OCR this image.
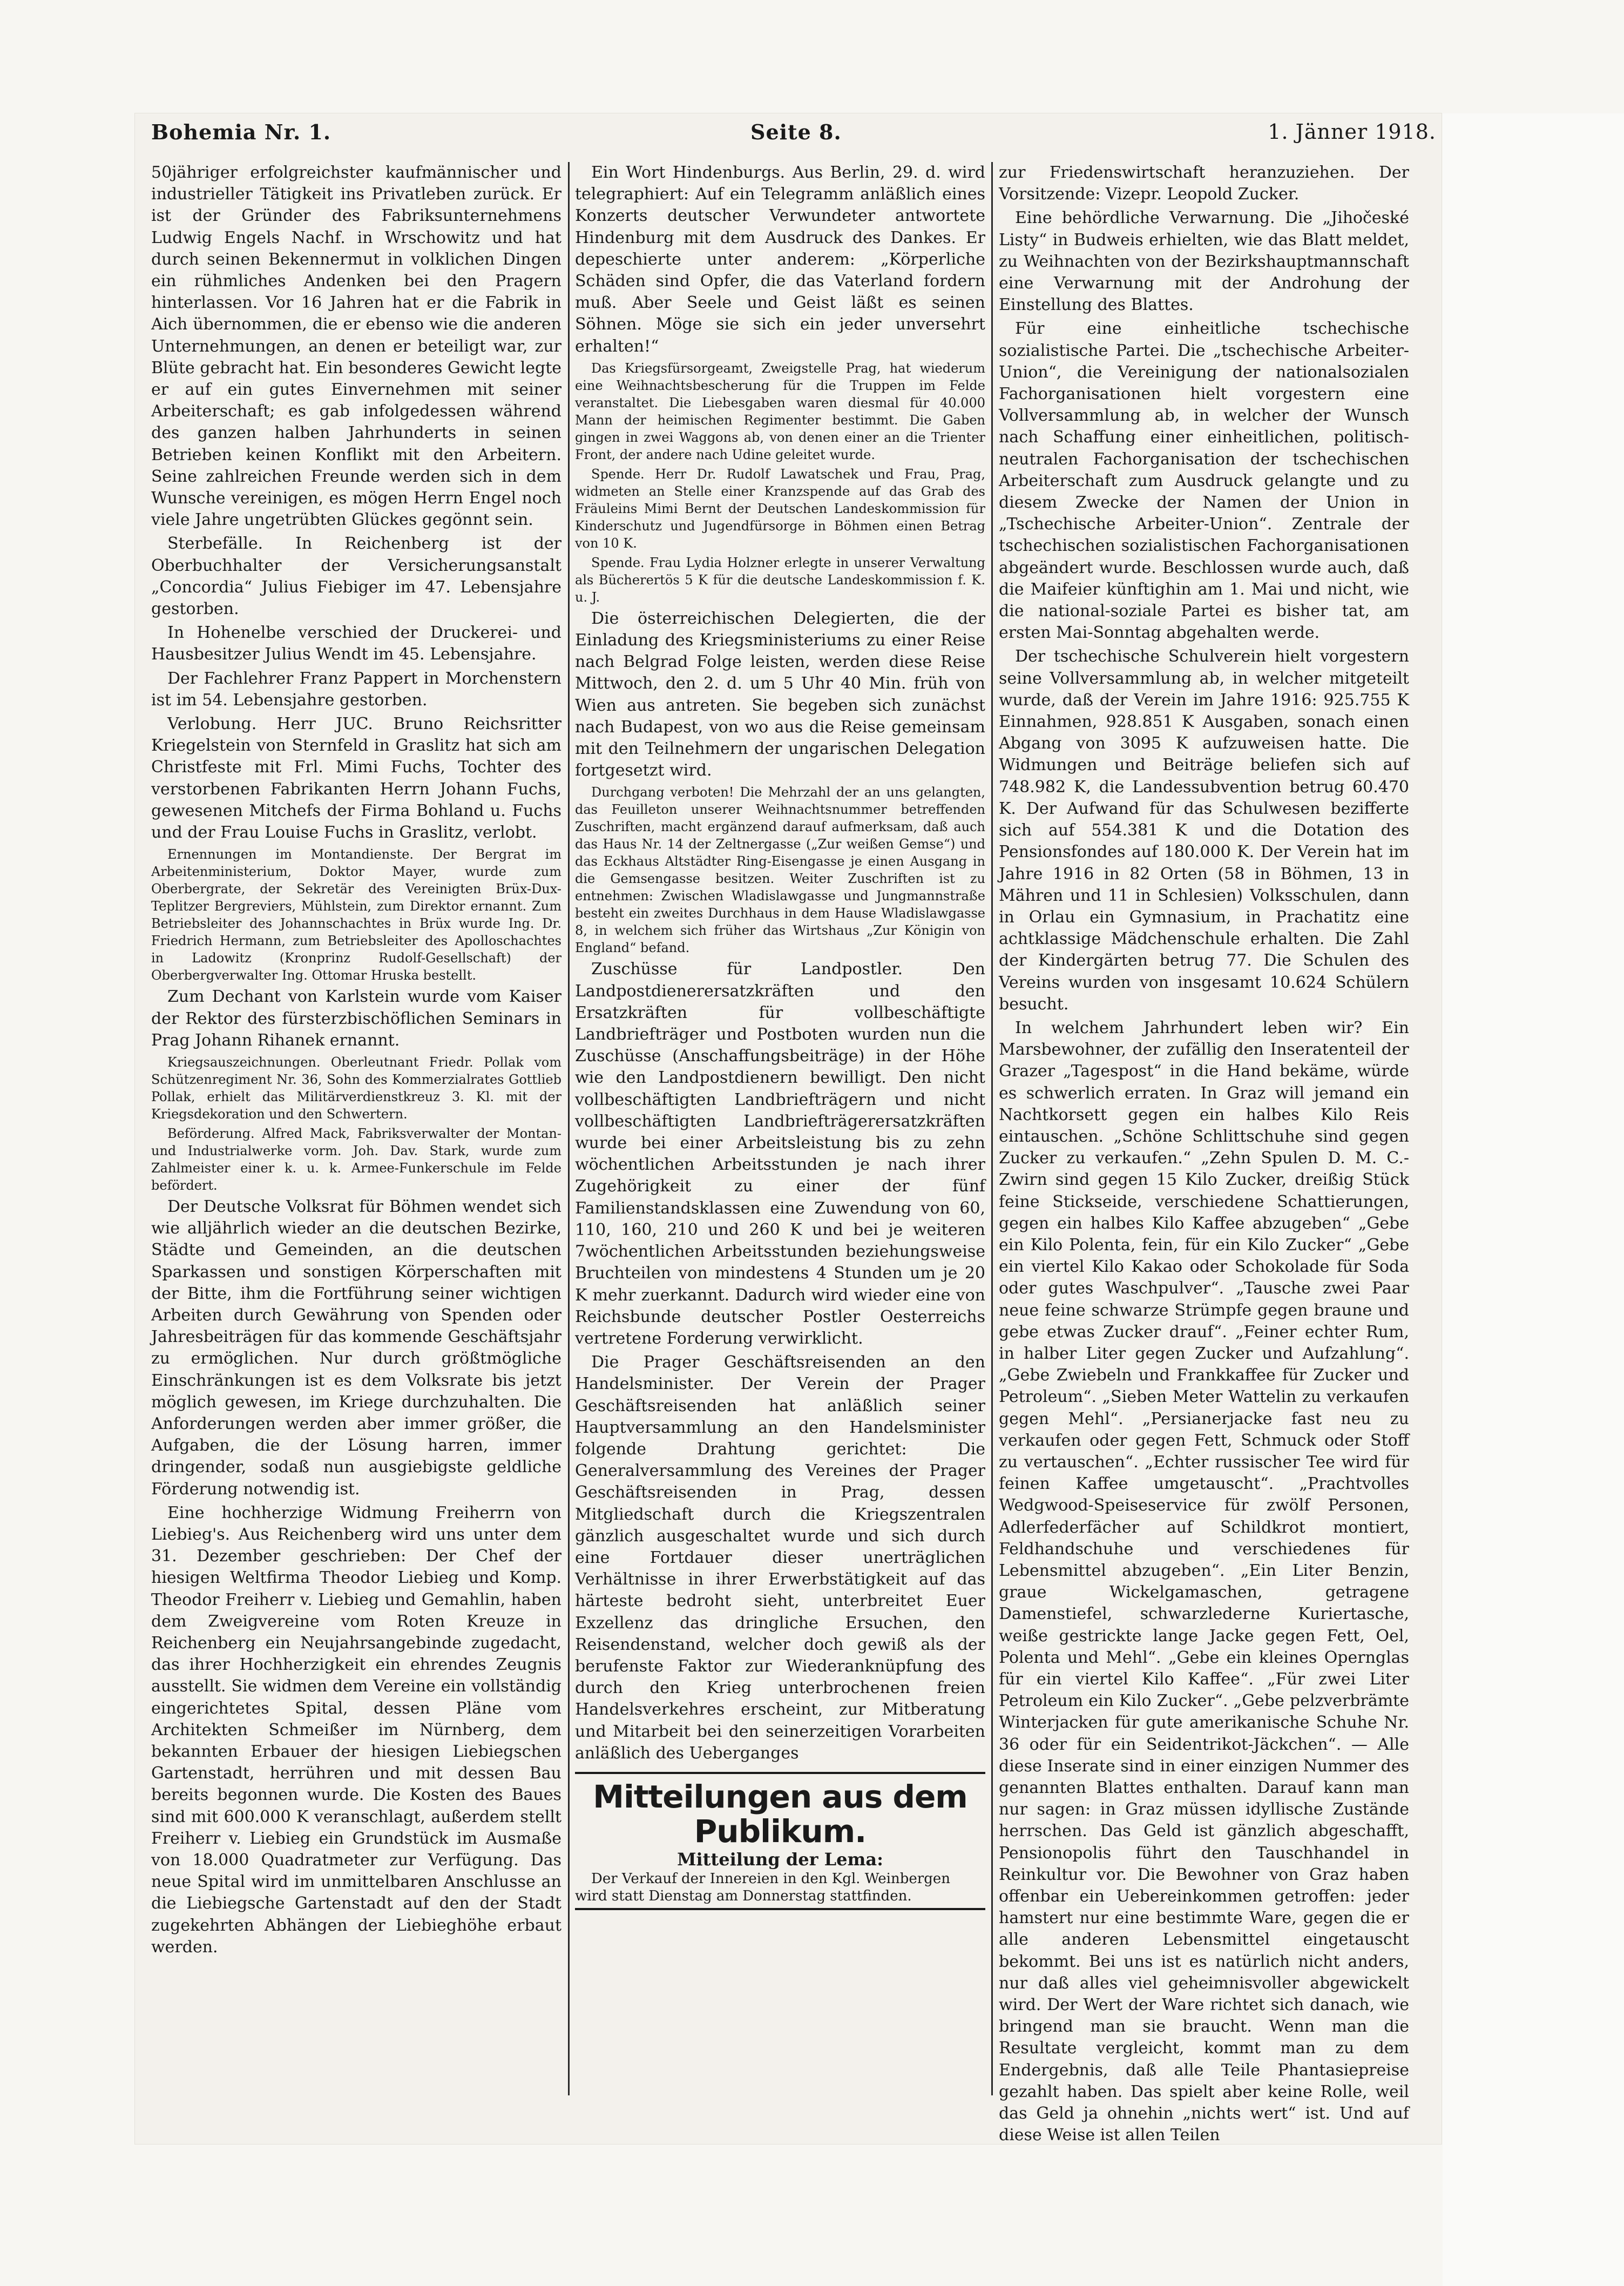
Bohemia Nr. 1.	Seite 8.	1. Jänner 1918.

50jähriger erfolgreichster kaufmännischer und industrieller Tätigkeit ins Privatleben zurück. Er ist der Gründer des Fabriksunternehmens Ludwig Engels Nachf. in Wrschowitz und hat durch seinen Bekennermut in volklichen Dingen ein rühmliches Andenken bei den Pragern hinterlassen. Vor 16 Jahren hat er die Fabrik in Aich übernommen, die er ebenso wie die anderen Unternehmungen, an denen er beteiligt war, zur Blüte gebracht hat. Ein besonderes Gewicht legte er auf ein gutes Einvernehmen mit seiner Arbeiterschaft; es gab infolgedessen während des ganzen halben Jahrhunderts in seinen Betrieben keinen Konflikt mit den Arbeitern. Seine zahlreichen Freunde werden sich in dem Wunsche vereinigen, es mögen Herrn Engel noch viele Jahre ungetrübten Glückes gegönnt sein.

Sterbefälle. In Reichenberg ist der Oberbuchhalter der Versicherungsanstalt „Concordia“ Julius Fiebiger im 47. Lebensjahre gestorben.

In Hohenelbe verschied der Druckerei- und Hausbesitzer Julius Wendt im 45. Lebensjahre.

Der Fachlehrer Franz Pappert in Morchenstern ist im 54. Lebensjahre gestorben.

Verlobung. Herr JUC. Bruno Reichsritter Kriegelstein von Sternfeld in Graslitz hat sich am Christfeste mit Frl. Mimi Fuchs, Tochter des verstorbenen Fabrikanten Herrn Johann Fuchs, gewesenen Mitchefs der Firma Bohland u. Fuchs und der Frau Louise Fuchs in Graslitz, verlobt.

Ernennungen im Montandienste. Der Bergrat im Arbeitenministerium, Doktor Mayer, wurde zum Oberbergrate, der Sekretär des Vereinigten Brüx-Dux-Teplitzer Bergreviers, Mühlstein, zum Direktor ernannt. Zum Betriebsleiter des Johannschachtes in Brüx wurde Ing. Dr. Friedrich Hermann, zum Betriebsleiter des Apolloschachtes in Ladowitz (Kronprinz Rudolf-Gesellschaft) der Oberbergverwalter Ing. Ottomar Hruska bestellt.

Zum Dechant von Karlstein wurde vom Kaiser der Rektor des fürsterzbischöflichen Seminars in Prag Johann Rihanek ernannt.

Kriegsauszeichnungen. Oberleutnant Friedr. Pollak vom Schützenregiment Nr. 36, Sohn des Kommerzialrates Gottlieb Pollak, erhielt das Militärverdienstkreuz 3. Kl. mit der Kriegsdekoration und den Schwertern.

Beförderung. Alfred Mack, Fabriksverwalter der Montan- und Industrialwerke vorm. Joh. Dav. Stark, wurde zum Zahlmeister einer k. u. k. Armee-Funkerschule im Felde befördert.

Der Deutsche Volksrat für Böhmen wendet sich wie alljährlich wieder an die deutschen Bezirke, Städte und Gemeinden, an die deutschen Sparkassen und sonstigen Körperschaften mit der Bitte, ihm die Fortführung seiner wichtigen Arbeiten durch Gewährung von Spenden oder Jahresbeiträgen für das kommende Geschäftsjahr zu ermöglichen. Nur durch größtmögliche Einschränkungen ist es dem Volksrate bis jetzt möglich gewesen, im Kriege durchzuhalten. Die Anforderungen werden aber immer größer, die Aufgaben, die der Lösung harren, immer dringender, sodaß nun ausgiebigste geldliche Förderung notwendig ist.

Eine hochherzige Widmung Freiherrn von Liebieg's. Aus Reichenberg wird uns unter dem 31. Dezember geschrieben: Der Chef der hiesigen Weltfirma Theodor Liebieg und Komp. Theodor Freiherr v. Liebieg und Gemahlin, haben dem Zweigvereine vom Roten Kreuze in Reichenberg ein Neujahrsangebinde zugedacht, das ihrer Hochherzigkeit ein ehrendes Zeugnis ausstellt. Sie widmen dem Vereine ein vollständig eingerichtetes Spital, dessen Pläne vom Architekten Schmeißer im Nürnberg, dem bekannten Erbauer der hiesigen Liebiegschen Gartenstadt, herrühren und mit dessen Bau bereits begonnen wurde. Die Kosten des Baues sind mit 600.000 K veranschlagt, außerdem stellt Freiherr v. Liebieg ein Grundstück im Ausmaße von 18.000 Quadratmeter zur Verfügung. Das neue Spital wird im unmittelbaren Anschlusse an die Liebiegsche Gartenstadt auf den der Stadt zugekehrten Abhängen der Liebieghöhe erbaut werden.

Ein Wort Hindenburgs. Aus Berlin, 29. d. wird telegraphiert: Auf ein Telegramm anläßlich eines Konzerts deutscher Verwundeter antwortete Hindenburg mit dem Ausdruck des Dankes. Er depeschierte unter anderem: „Körperliche Schäden sind Opfer, die das Vaterland fordern muß. Aber Seele und Geist läßt es seinen Söhnen. Möge sie sich ein jeder unversehrt erhalten!“

Das Kriegsfürsorgeamt, Zweigstelle Prag, hat wiederum eine Weihnachtsbescherung für die Truppen im Felde veranstaltet. Die Liebesgaben waren diesmal für 40.000 Mann der heimischen Regimenter bestimmt. Die Gaben gingen in zwei Waggons ab, von denen einer an die Trienter Front, der andere nach Udine geleitet wurde.

Spende. Herr Dr. Rudolf Lawatschek und Frau, Prag, widmeten an Stelle einer Kranzspende auf das Grab des Fräuleins Mimi Bernt der Deutschen Landeskommission für Kinderschutz und Jugendfürsorge in Böhmen einen Betrag von 10 K.

Spende. Frau Lydia Holzner erlegte in unserer Verwaltung als Bücherertös 5 K für die deutsche Landeskommission f. K. u. J.

Die österreichischen Delegierten, die der Einladung des Kriegsministeriums zu einer Reise nach Belgrad Folge leisten, werden diese Reise Mittwoch, den 2. d. um 5 Uhr 40 Min. früh von Wien aus antreten. Sie begeben sich zunächst nach Budapest, von wo aus die Reise gemeinsam mit den Teilnehmern der ungarischen Delegation fortgesetzt wird.

Durchgang verboten! Die Mehrzahl der an uns gelangten, das Feuilleton unserer Weihnachtsnummer betreffenden Zuschriften, macht ergänzend darauf aufmerksam, daß auch das Haus Nr. 14 der Zeltnergasse („Zur weißen Gemse“) und das Eckhaus Altstädter Ring-Eisengasse je einen Ausgang in die Gemsengasse besitzen. Weiter Zuschriften ist zu entnehmen: Zwischen Wladislawgasse und Jungmannstraße besteht ein zweites Durchhaus in dem Hause Wladislawgasse 8, in welchem sich früher das Wirtshaus „Zur Königin von England“ befand.

Zuschüsse für Landpostler. Den Landpostdienerersatzkräften und den Ersatzkräften für vollbeschäftigte Landbriefträger und Postboten wurden nun die Zuschüsse (Anschaffungsbeiträge) in der Höhe wie den Landpostdienern bewilligt. Den nicht vollbeschäftigten Landbriefträgern und nicht vollbeschäftigten Landbriefträgerersatzkräften wurde bei einer Arbeitsleistung bis zu zehn wöchentlichen Arbeitsstunden je nach ihrer Zugehörigkeit zu einer der fünf Familienstandsklassen eine Zuwendung von 60, 110, 160, 210 und 260 K und bei je weiteren 7wöchentlichen Arbeitsstunden beziehungsweise Bruchteilen von mindestens 4 Stunden um je 20 K mehr zuerkannt. Dadurch wird wieder eine von Reichsbunde deutscher Postler Oesterreichs vertretene Forderung verwirklicht.

Die Prager Geschäftsreisenden an den Handelsminister. Der Verein der Prager Geschäftsreisenden hat anläßlich seiner Hauptversammlung an den Handelsminister folgende Drahtung gerichtet: Die Generalversammlung des Vereines der Prager Geschäftsreisenden in Prag, dessen Mitgliedschaft durch die Kriegszentralen gänzlich ausgeschaltet wurde und sich durch eine Fortdauer dieser unerträglichen Verhältnisse in ihrer Erwerbstätigkeit auf das härteste bedroht sieht, unterbreitet Euer Exzellenz das dringliche Ersuchen, den Reisendenstand, welcher doch gewiß als der berufenste Faktor zur Wiederanknüpfung des durch den Krieg unterbrochenen freien Handelsverkehres erscheint, zur Mitberatung und Mitarbeit bei den seinerzeitigen Vorarbeiten anläßlich des Ueberganges

Mitteilungen aus dem Publikum.
Mitteilung der Lema:
Der Verkauf der Innereien in den Kgl. Weinbergen wird statt Dienstag am Donnerstag stattfinden.

zur Friedenswirtschaft heranzuziehen. Der Vorsitzende: Vizepr. Leopold Zucker.

Eine behördliche Verwarnung. Die „Jihočeské Listy“ in Budweis erhielten, wie das Blatt meldet, zu Weihnachten von der Bezirkshauptmannschaft eine Verwarnung mit der Androhung der Einstellung des Blattes.

Für eine einheitliche tschechische sozialistische Partei. Die „tschechische Arbeiter-Union“, die Vereinigung der nationalsozialen Fachorganisationen hielt vorgestern eine Vollversammlung ab, in welcher der Wunsch nach Schaffung einer einheitlichen, politisch-neutralen Fachorganisation der tschechischen Arbeiterschaft zum Ausdruck gelangte und zu diesem Zwecke der Namen der Union in „Tschechische Arbeiter-Union“. Zentrale der tschechischen sozialistischen Fachorganisationen abgeändert wurde. Beschlossen wurde auch, daß die Maifeier künftighin am 1. Mai und nicht, wie die national-soziale Partei es bisher tat, am ersten Mai-Sonntag abgehalten werde.

Der tschechische Schulverein hielt vorgestern seine Vollversammlung ab, in welcher mitgeteilt wurde, daß der Verein im Jahre 1916: 925.755 K Einnahmen, 928.851 K Ausgaben, sonach einen Abgang von 3095 K aufzuweisen hatte. Die Widmungen und Beiträge beliefen sich auf 748.982 K, die Landessubvention betrug 60.470 K. Der Aufwand für das Schulwesen bezifferte sich auf 554.381 K und die Dotation des Pensionsfondes auf 180.000 K. Der Verein hat im Jahre 1916 in 82 Orten (58 in Böhmen, 13 in Mähren und 11 in Schlesien) Volksschulen, dann in Orlau ein Gymnasium, in Prachatitz eine achtklassige Mädchenschule erhalten. Die Zahl der Kindergärten betrug 77. Die Schulen des Vereins wurden von insgesamt 10.624 Schülern besucht.

In welchem Jahrhundert leben wir? Ein Marsbewohner, der zufällig den Inseratenteil der Grazer „Tagespost“ in die Hand bekäme, würde es schwerlich erraten. In Graz will jemand ein Nachtkorsett gegen ein halbes Kilo Reis eintauschen. „Schöne Schlittschuhe sind gegen Zucker zu verkaufen.“ „Zehn Spulen D. M. C.-Zwirn sind gegen 15 Kilo Zucker, dreißig Stück feine Stickseide, verschiedene Schattierungen, gegen ein halbes Kilo Kaffee abzugeben“ „Gebe ein Kilo Polenta, fein, für ein Kilo Zucker“ „Gebe ein viertel Kilo Kakao oder Schokolade für Soda oder gutes Waschpulver“. „Tausche zwei Paar neue feine schwarze Strümpfe gegen braune und gebe etwas Zucker drauf“. „Feiner echter Rum, in halber Liter gegen Zucker und Aufzahlung“. „Gebe Zwiebeln und Frankkaffee für Zucker und Petroleum“. „Sieben Meter Wattelin zu verkaufen gegen Mehl“. „Persianerjacke fast neu zu verkaufen oder gegen Fett, Schmuck oder Stoff zu vertauschen“. „Echter russischer Tee wird für feinen Kaffee umgetauscht“. „Prachtvolles Wedgwood-Speiseservice für zwölf Personen, Adlerfederfächer auf Schildkrot montiert, Feldhandschuhe und verschiedenes für Lebensmittel abzugeben“. „Ein Liter Benzin, graue Wickelgamaschen, getragene Damenstiefel, schwarzlederne Kuriertasche, weiße gestrickte lange Jacke gegen Fett, Oel, Polenta und Mehl“. „Gebe ein kleines Opernglas für ein viertel Kilo Kaffee“. „Für zwei Liter Petroleum ein Kilo Zucker“. „Gebe pelzverbrämte Winterjacken für gute amerikanische Schuhe Nr. 36 oder für ein Seidentrikot-Jäckchen“. — Alle diese Inserate sind in einer einzigen Nummer des genannten Blattes enthalten. Darauf kann man nur sagen: in Graz müssen idyllische Zustände herrschen. Das Geld ist gänzlich abgeschafft, Pensionopolis führt den Tauschhandel in Reinkultur vor. Die Bewohner von Graz haben offenbar ein Uebereinkommen getroffen: jeder hamstert nur eine bestimmte Ware, gegen die er alle anderen Lebensmittel eingetauscht bekommt. Bei uns ist es natürlich nicht anders, nur daß alles viel geheimnisvoller abgewickelt wird. Der Wert der Ware richtet sich danach, wie bringend man sie braucht. Wenn man die Resultate vergleicht, kommt man zu dem Endergebnis, daß alle Teile Phantasiepreise gezahlt haben. Das spielt aber keine Rolle, weil das Geld ja ohnehin „nichts wert“ ist. Und auf diese Weise ist allen Teilen
